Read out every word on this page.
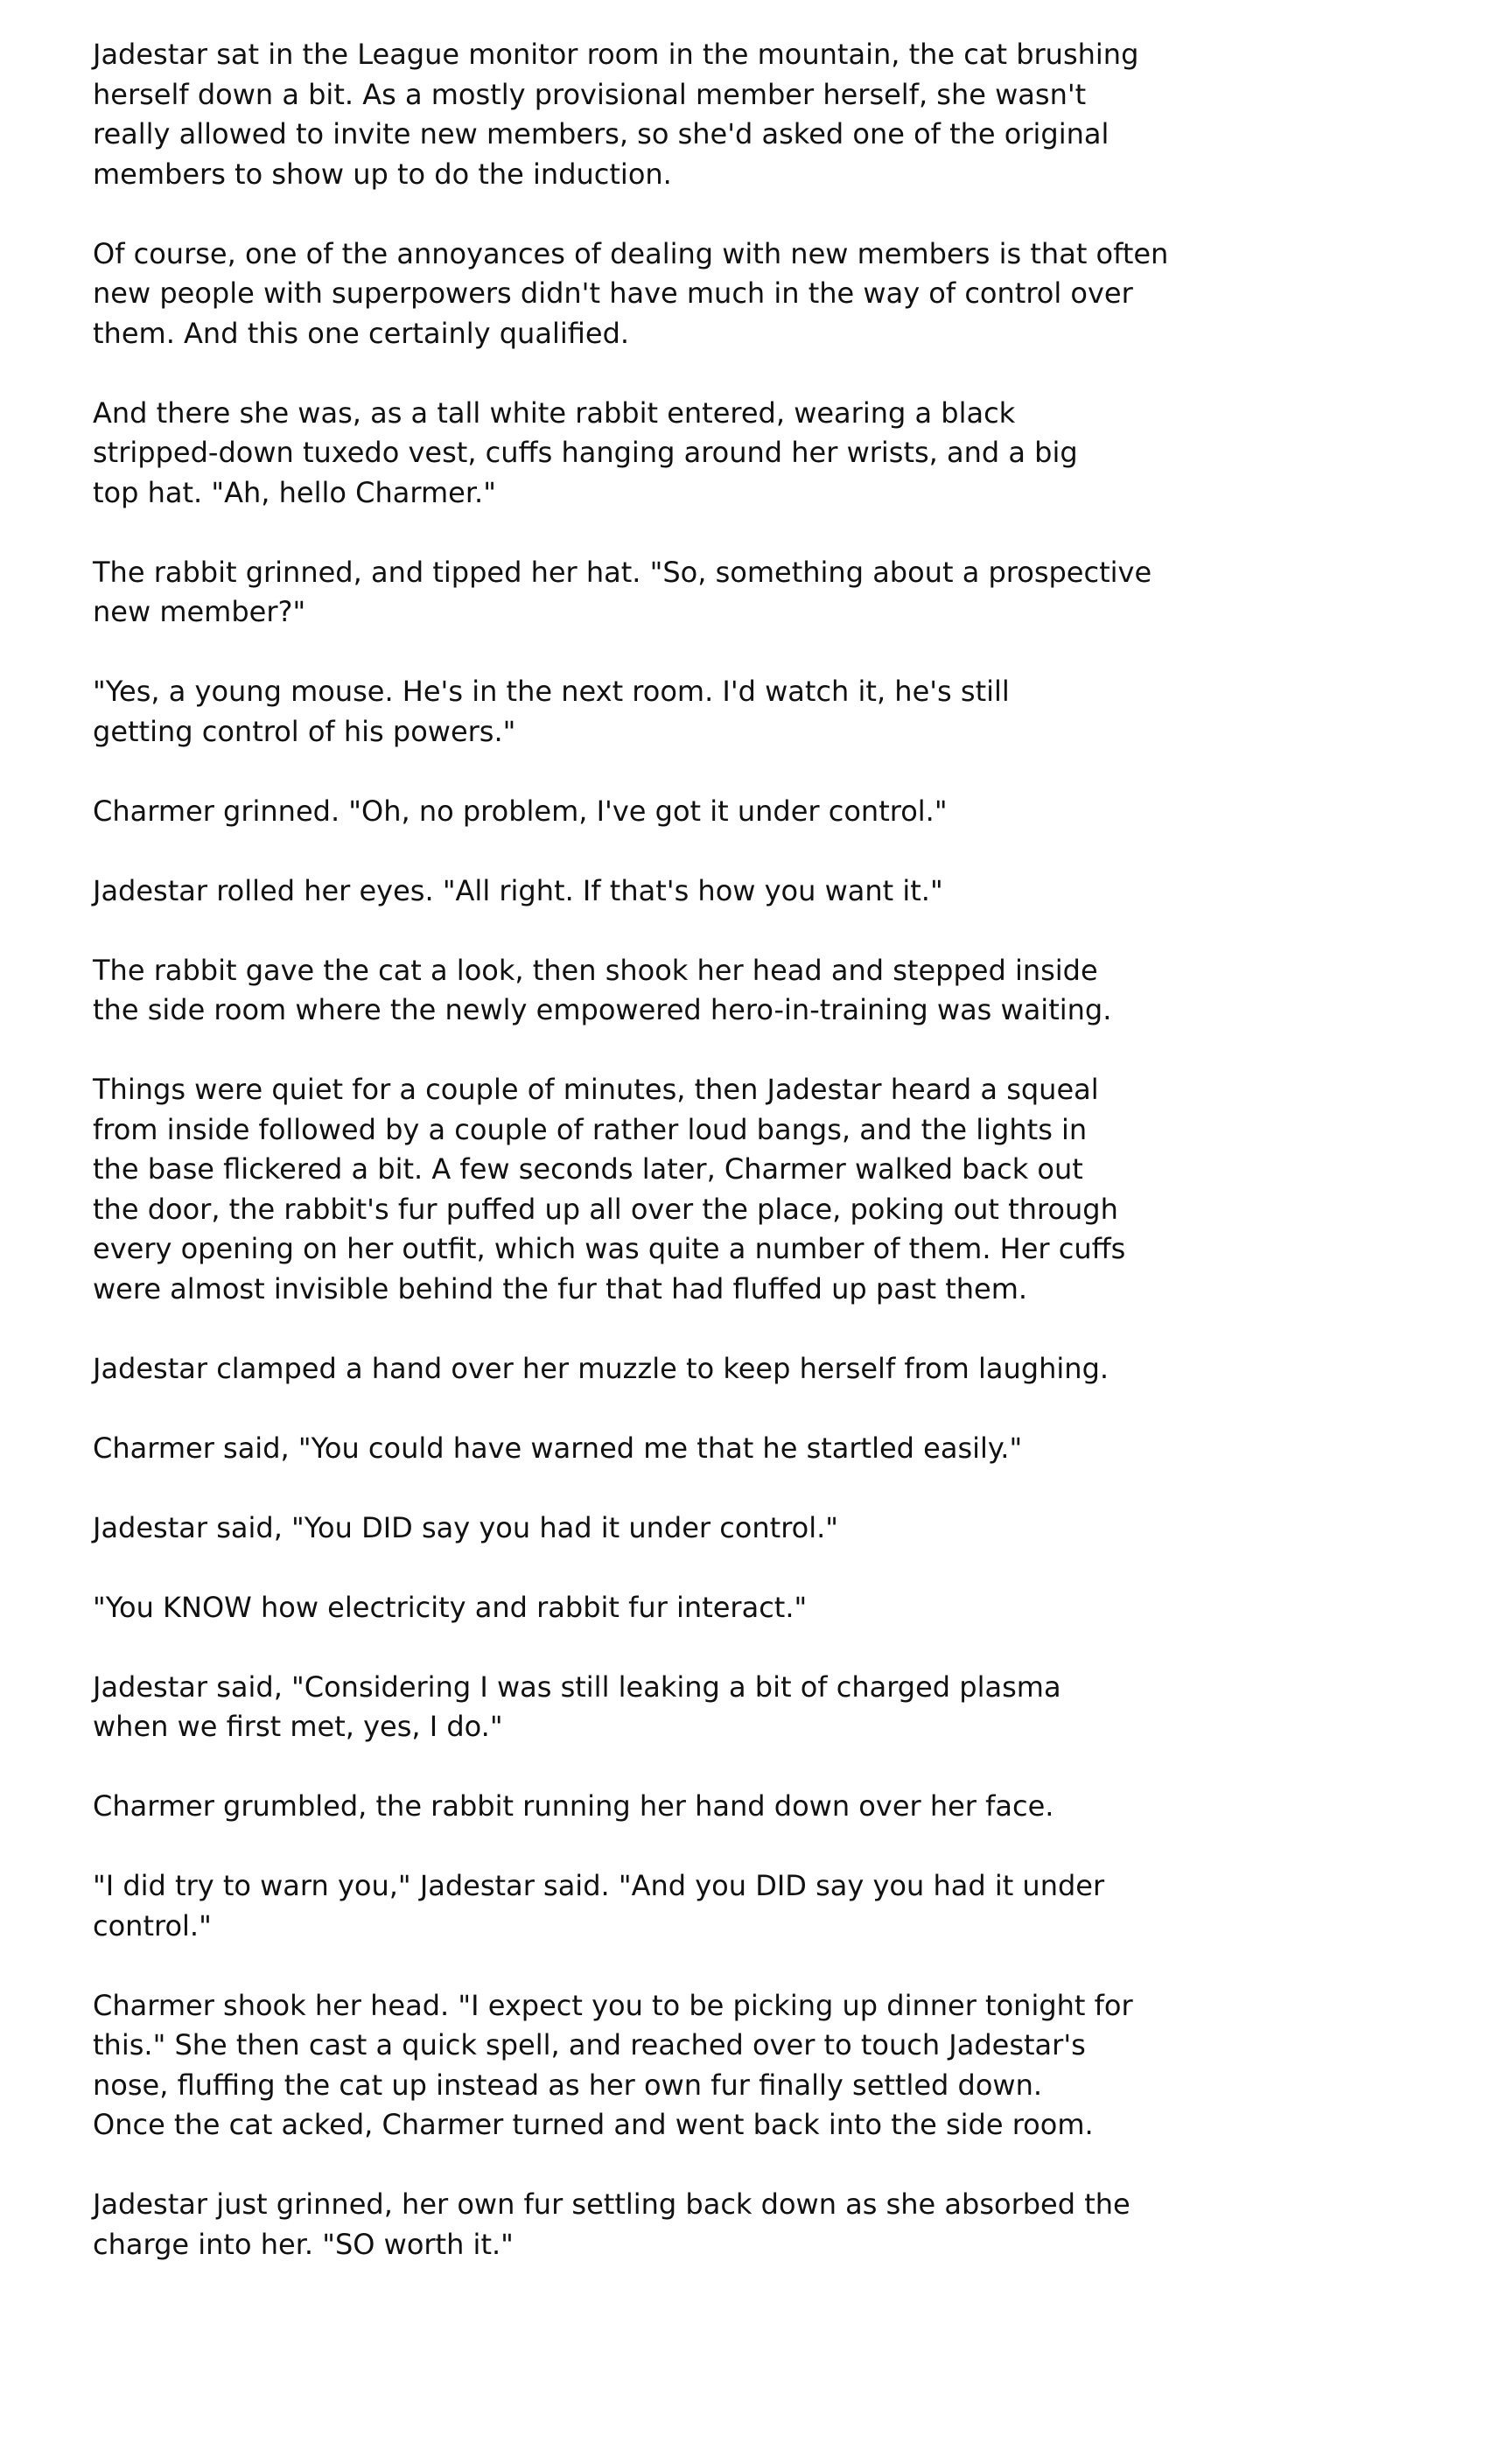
Jadestar sat in the League monitor room in the mountain, the cat brushing
herself down a bit. As a mostly provisional member herself, she wasn't
really allowed to invite new members, so she'd asked one of the original
members to show up to do the induction.

Of course, one of the annoyances of dealing with new members is that often
new people with superpowers didn't have much in the way of control over
them. And this one certainly qualified.

And there she was, as a tall white rabbit entered, wearing a black
stripped-down tuxedo vest, cuffs hanging around her wrists, and a big
top hat. "Ah, hello Charmer."

The rabbit grinned, and tipped her hat. "So, something about a prospective
new member?"

"Yes, a young mouse. He's in the next room. I'd watch it, he's still
getting control of his powers."

Charmer grinned. "Oh, no problem, I've got it under control."

Jadestar rolled her eyes. "All right. If that's how you want it."

The rabbit gave the cat a look, then shook her head and stepped inside
the side room where the newly empowered hero-in-training was waiting.

Things were quiet for a couple of minutes, then Jadestar heard a squeal
from inside followed by a couple of rather loud bangs, and the lights in
the base flickered a bit. A few seconds later, Charmer walked back out
the door, the rabbit's fur puffed up all over the place, poking out through
every opening on her outfit, which was quite a number of them. Her cuffs
were almost invisible behind the fur that had fluffed up past them.

Jadestar clamped a hand over her muzzle to keep herself from laughing.

Charmer said, "You could have warned me that he startled easily."

Jadestar said, "You DID say you had it under control."

"You KNOW how electricity and rabbit fur interact."

Jadestar said, "Considering I was still leaking a bit of charged plasma
when we first met, yes, I do."

Charmer grumbled, the rabbit running her hand down over her face.

"I did try to warn you," Jadestar said. "And you DID say you had it under
control."

Charmer shook her head. "I expect you to be picking up dinner tonight for
this." She then cast a quick spell, and reached over to touch Jadestar's
nose, fluffing the cat up instead as her own fur finally settled down.
Once the cat acked, Charmer turned and went back into the side room.

Jadestar just grinned, her own fur settling back down as she absorbed the
charge into her. "SO worth it."
